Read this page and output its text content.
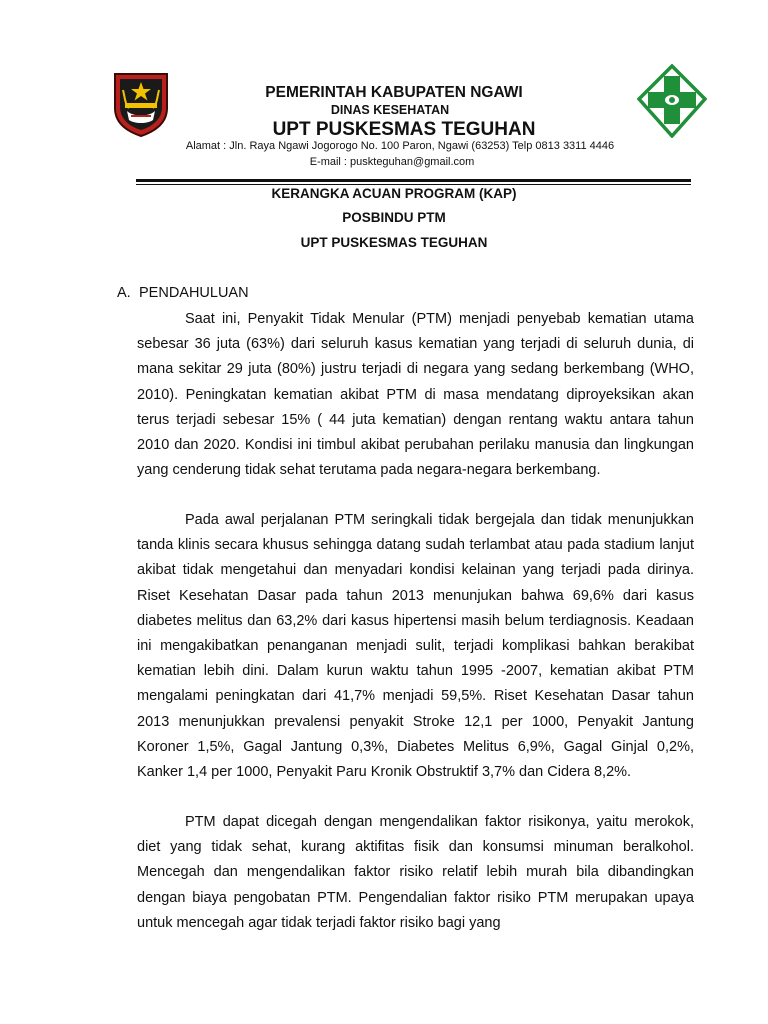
PEMERINTAH KABUPATEN NGAWI
DINAS KESEHATAN
UPT PUSKESMAS TEGUHAN
Alamat : Jln. Raya Ngawi Jogorogo No. 100 Paron, Ngawi (63253) Telp 0813 3311 4446
E-mail : puskteguhan@gmail.com
KERANGKA ACUAN PROGRAM (KAP)
POSBINDU PTM
UPT PUSKESMAS TEGUHAN
A. PENDAHULUAN

Saat ini, Penyakit Tidak Menular (PTM) menjadi penyebab kematian utama sebesar 36 juta (63%) dari seluruh kasus kematian yang terjadi di seluruh dunia, di mana sekitar 29 juta (80%) justru terjadi di negara yang sedang berkembang (WHO, 2010). Peningkatan kematian akibat PTM di masa mendatang diproyeksikan akan terus terjadi sebesar 15% ( 44 juta kematian) dengan rentang waktu antara tahun 2010 dan 2020. Kondisi ini timbul akibat perubahan perilaku manusia dan lingkungan yang cenderung tidak sehat terutama pada negara-negara berkembang.

Pada awal perjalanan PTM seringkali tidak bergejala dan tidak menunjukkan tanda klinis secara khusus sehingga datang sudah terlambat atau pada stadium lanjut akibat tidak mengetahui dan menyadari kondisi kelainan yang terjadi pada dirinya. Riset Kesehatan Dasar pada tahun 2013 menunjukan bahwa 69,6% dari kasus diabetes melitus dan 63,2% dari kasus hipertensi masih belum terdiagnosis. Keadaan ini mengakibatkan penanganan menjadi sulit, terjadi komplikasi bahkan berakibat kematian lebih dini. Dalam kurun waktu tahun 1995 -2007, kematian akibat PTM mengalami peningkatan dari 41,7% menjadi 59,5%. Riset Kesehatan Dasar tahun 2013 menunjukkan prevalensi penyakit Stroke 12,1 per 1000, Penyakit Jantung Koroner 1,5%, Gagal Jantung 0,3%, Diabetes Melitus 6,9%, Gagal Ginjal 0,2%, Kanker 1,4 per 1000, Penyakit Paru Kronik Obstruktif 3,7% dan Cidera 8,2%.

PTM dapat dicegah dengan mengendalikan faktor risikonya, yaitu merokok, diet yang tidak sehat, kurang aktifitas fisik dan konsumsi minuman beralkohol. Mencegah dan mengendalikan faktor risiko relatif lebih murah bila dibandingkan dengan biaya pengobatan PTM. Pengendalian faktor risiko PTM merupakan upaya untuk mencegah agar tidak terjadi faktor risiko bagi yang
